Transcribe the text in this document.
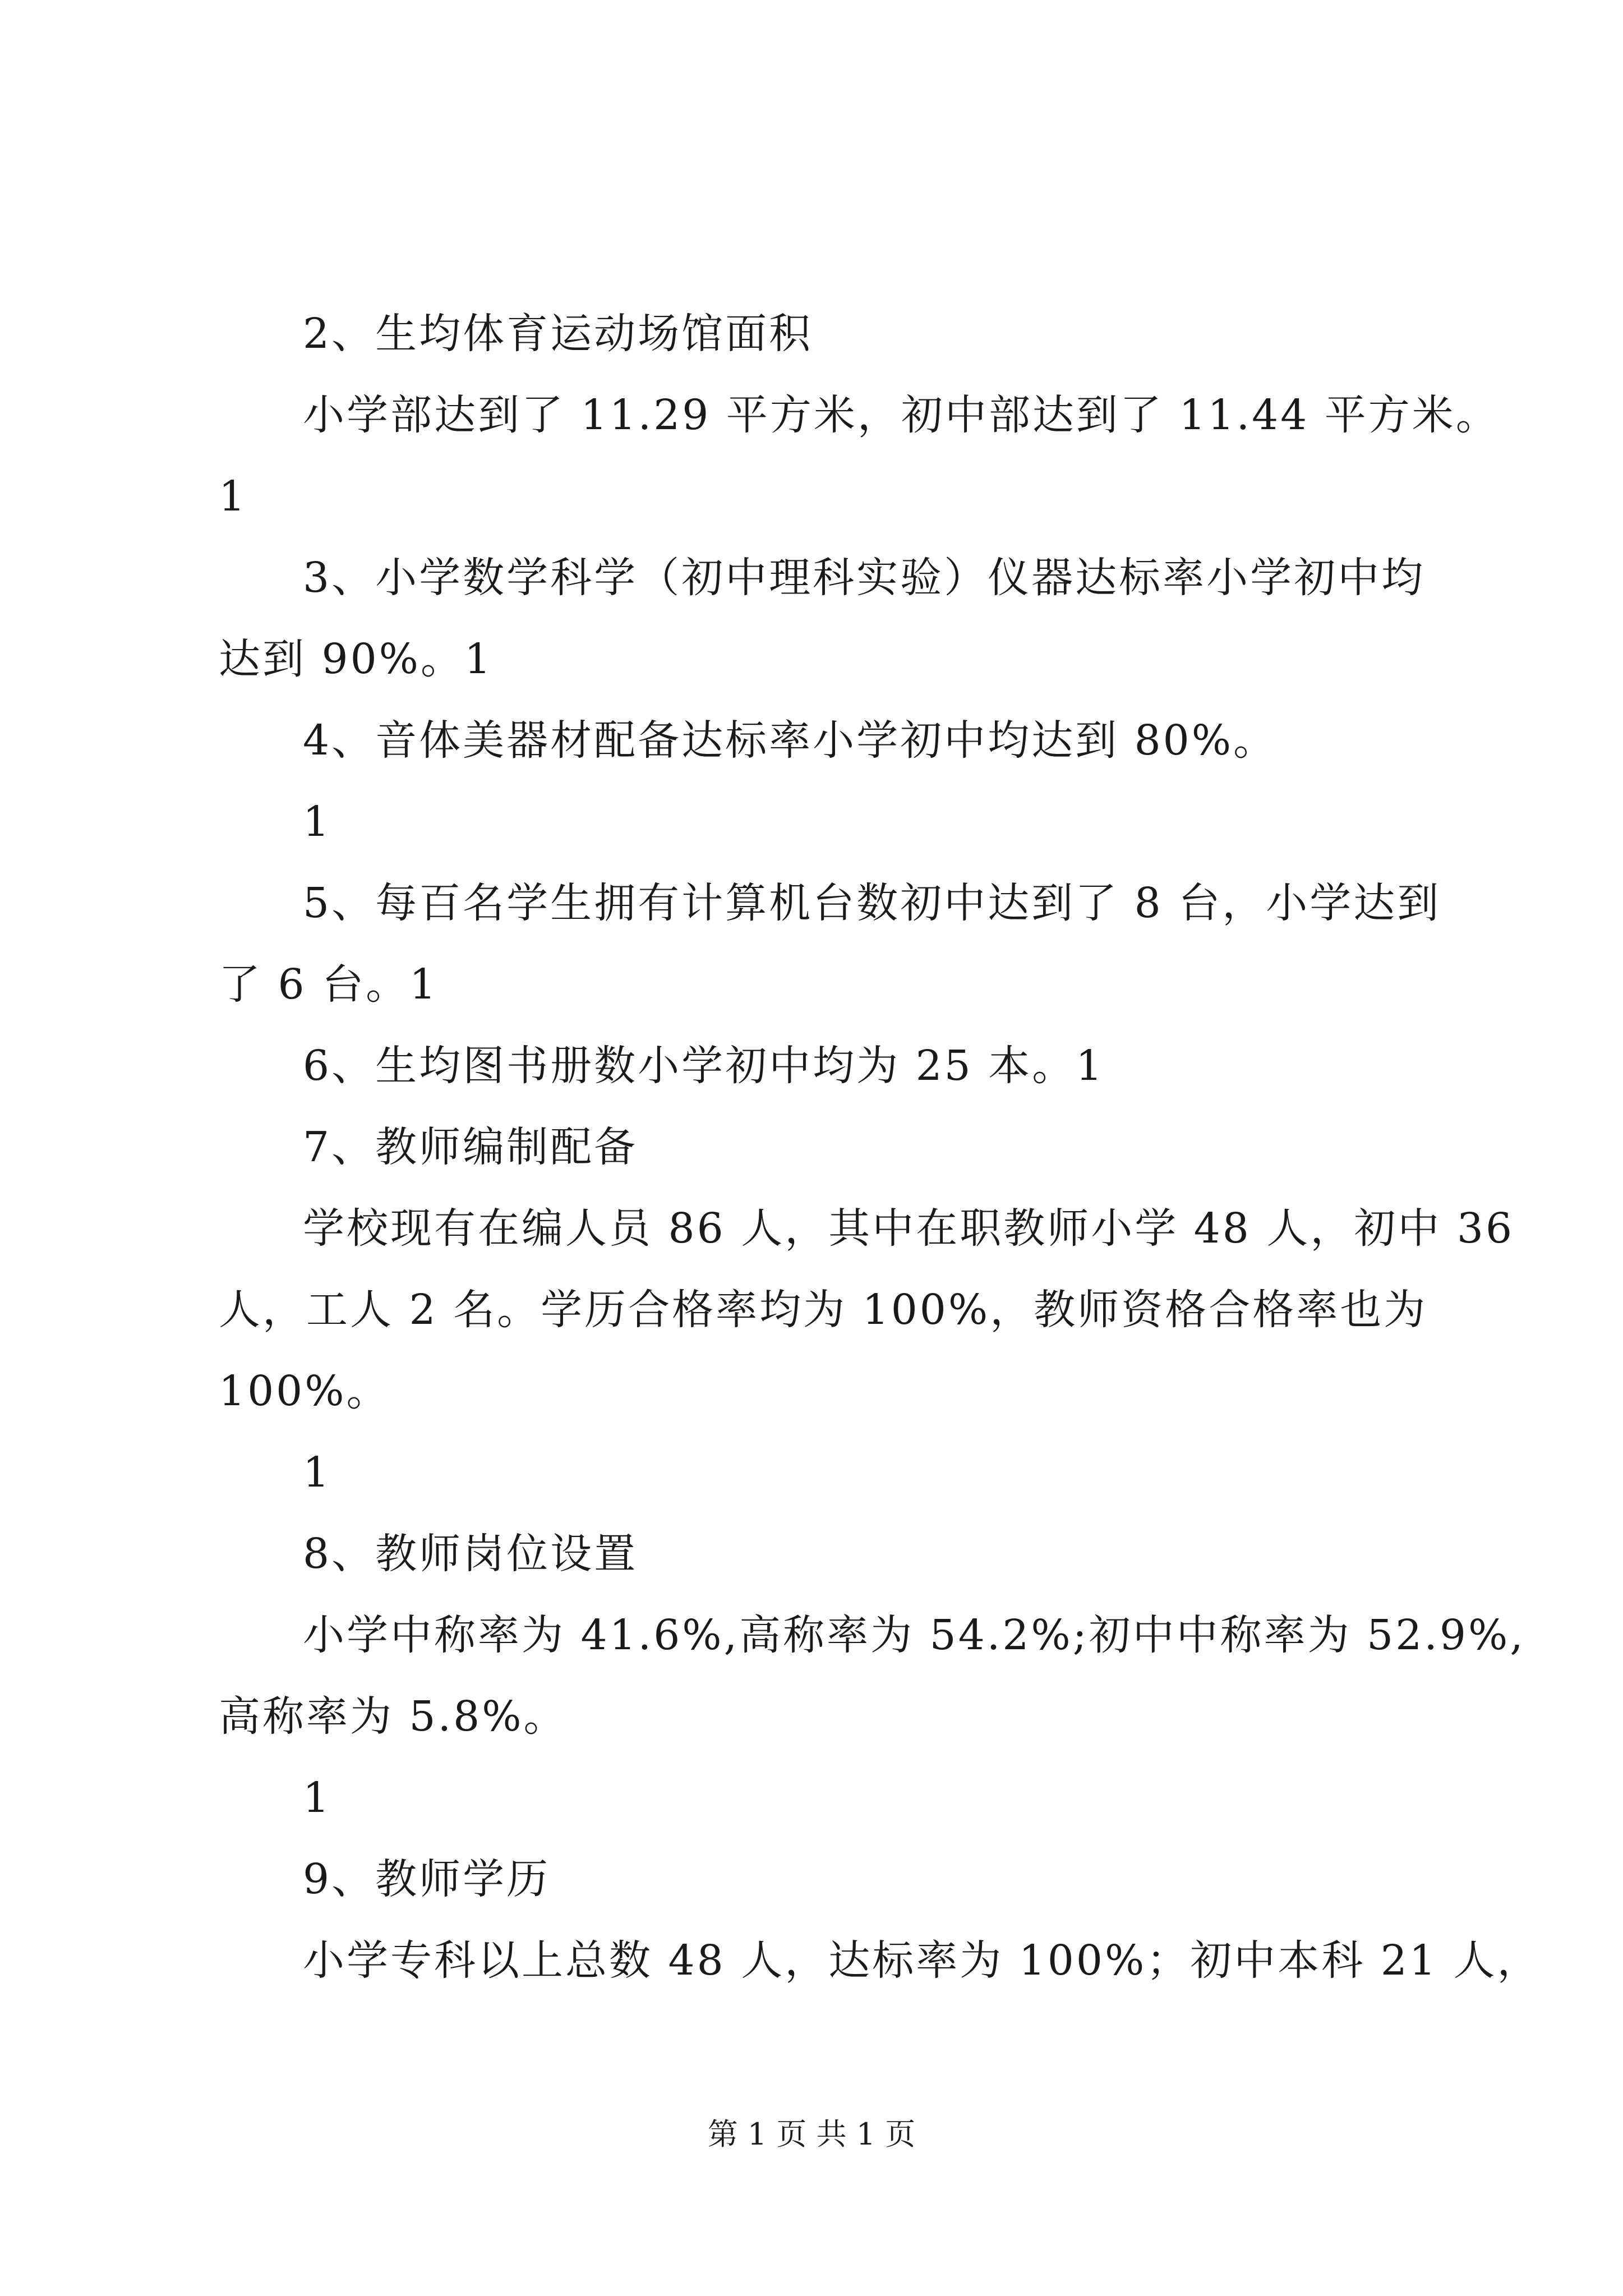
2、生均体育运动场馆面积
小学部达到了 11.29 平方米，初中部达到了 11.44 平方米。
1
3、小学数学科学（初中理科实验）仪器达标率小学初中均
达到 90%。1
4、音体美器材配备达标率小学初中均达到 80%。
1
5、每百名学生拥有计算机台数初中达到了 8 台，小学达到
了 6 台。1
6、生均图书册数小学初中均为 25 本。1
7、教师编制配备
学校现有在编人员 86 人，其中在职教师小学 48 人，初中 36
人，工人 2 名。学历合格率均为 100%，教师资格合格率也为
100%。
1
8、教师岗位设置
小学中称率为 41.6%,高称率为 54.2%;初中中称率为 52.9%,
高称率为 5.8%。
1
9、教师学历
小学专科以上总数 48 人，达标率为 100%；初中本科 21 人，
第 1 页 共 1 页
